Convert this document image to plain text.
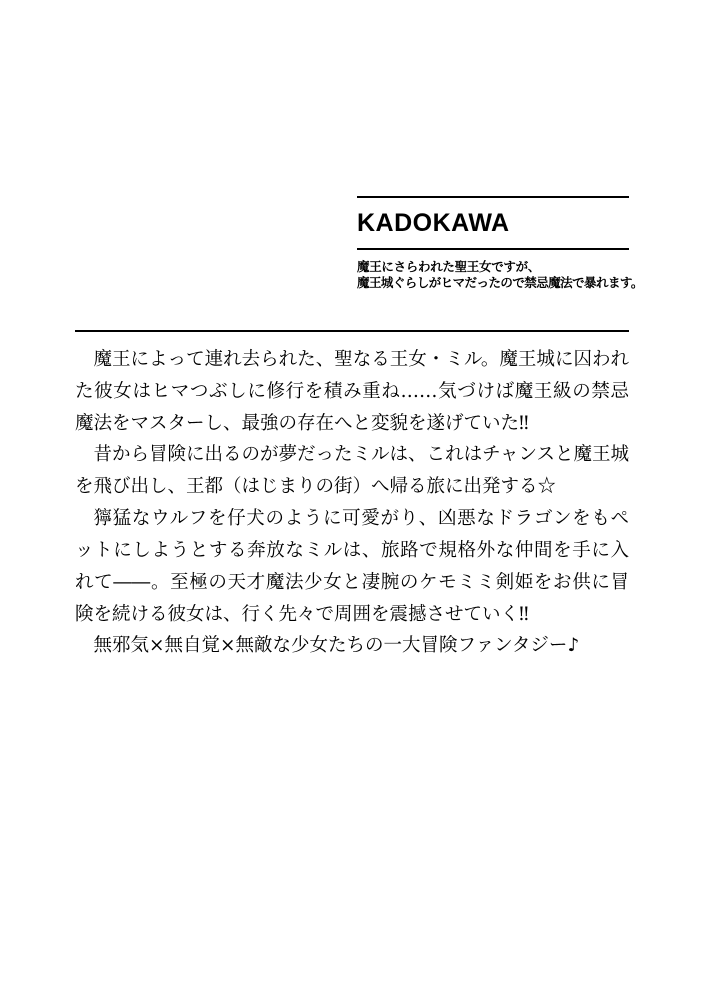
KADOKAWA
魔王にさらわれた聖王女ですが、
魔王城ぐらしがヒマだったので禁忌魔法で暴れます。

魔王によって連れ去られた、聖なる王女・ミル。魔王城に囚われた彼女はヒマつぶしに修行を積み重ね……気づけば魔王級の禁忌魔法をマスターし、最強の存在へと変貌を遂げていた‼

昔から冒険に出るのが夢だったミルは、これはチャンスと魔王城を飛び出し、王都（はじまりの街）へ帰る旅に出発する☆

獰猛なウルフを仔犬のように可愛がり、凶悪なドラゴンをもペットにしようとする奔放なミルは、旅路で規格外な仲間を手に入れて――。至極の天才魔法少女と凄腕のケモミミ剣姫をお供に冒険を続ける彼女は、行く先々で周囲を震撼させていく‼

無邪気×無自覚×無敵な少女たちの一大冒険ファンタジー♪
